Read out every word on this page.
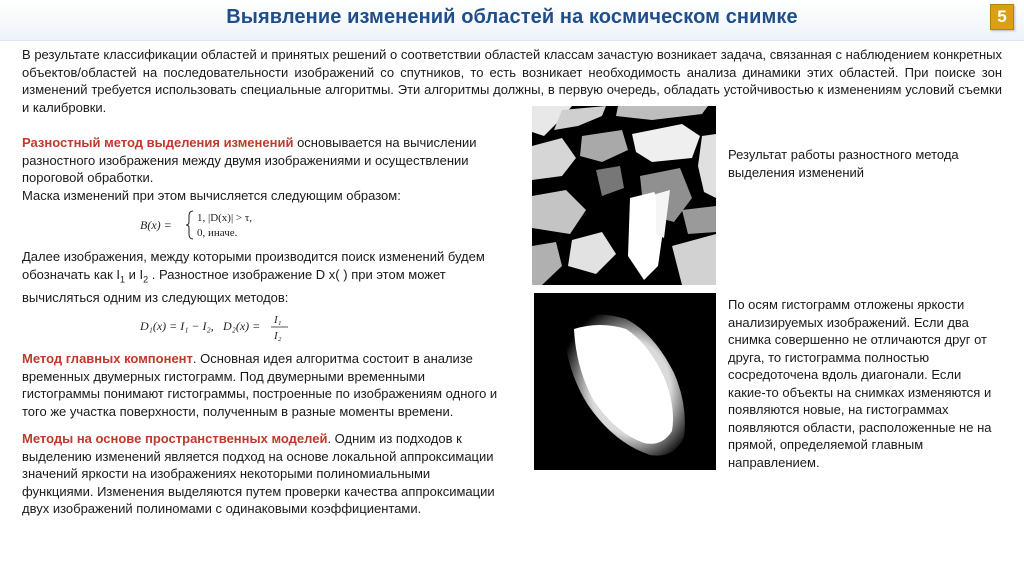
Выявление изменений областей на космическом снимке	5
В результате классификации областей и принятых решений о соответствии областей классам зачастую возникает задача, связанная с наблюдением конкретных объектов/областей на последовательности изображений со спутников, то есть возникает необходимость анализа динамики этих областей. При поиске зон изменений требуется использовать специальные алгоритмы. Эти алгоритмы должны, в первую очередь, обладать устойчивостью к изменениям условий съемки и калибровки.

Разностный метод выделения изменений основывается на вычислении разностного изображения между двумя изображениями и осуществлении пороговой обработки.

Маска изменений при этом вычисляется следующим образом:

B(x) = 1, |D(x)| > τ,
0, иначе.

Далее изображения, между которыми производится поиск изменений будем обозначать как $I_1$ и $I_2$ . Разностное изображение D x( ) при этом может вычисляться одним из следующих методов:

D₁(x) = I₁ − I₂, D₂(x) = I₁
I₂

Метод главных компонент. Основная идея алгоритма состоит в анализе временных двумерных гистограмм. Под двумерными временными гистограммы понимают гистограммы, построенные по изображениям одного и того же участка поверхности, полученным в разные моменты времени.

Методы на основе пространственных моделей. Одним из подходов к выделению изменений является подход на основе локальной аппроксимации значений яркости на изображениях некоторыми полиномиальными функциями. Изменения выделяются путем проверки качества аппроксимации двух изображений полиномами с одинаковыми коэффициентами.

Результат работы разностного метода выделения изменений
По осям гистограмм отложены яркости анализируемых изображений. Если два снимка совершенно не отличаются друг от друга, то гистограмма полностью сосредоточена вдоль диагонали. Если какие-то объекты на снимках изменяются и появляются новые, на гистограммах появляются области, расположенные не на прямой, определяемой главным направлением.
